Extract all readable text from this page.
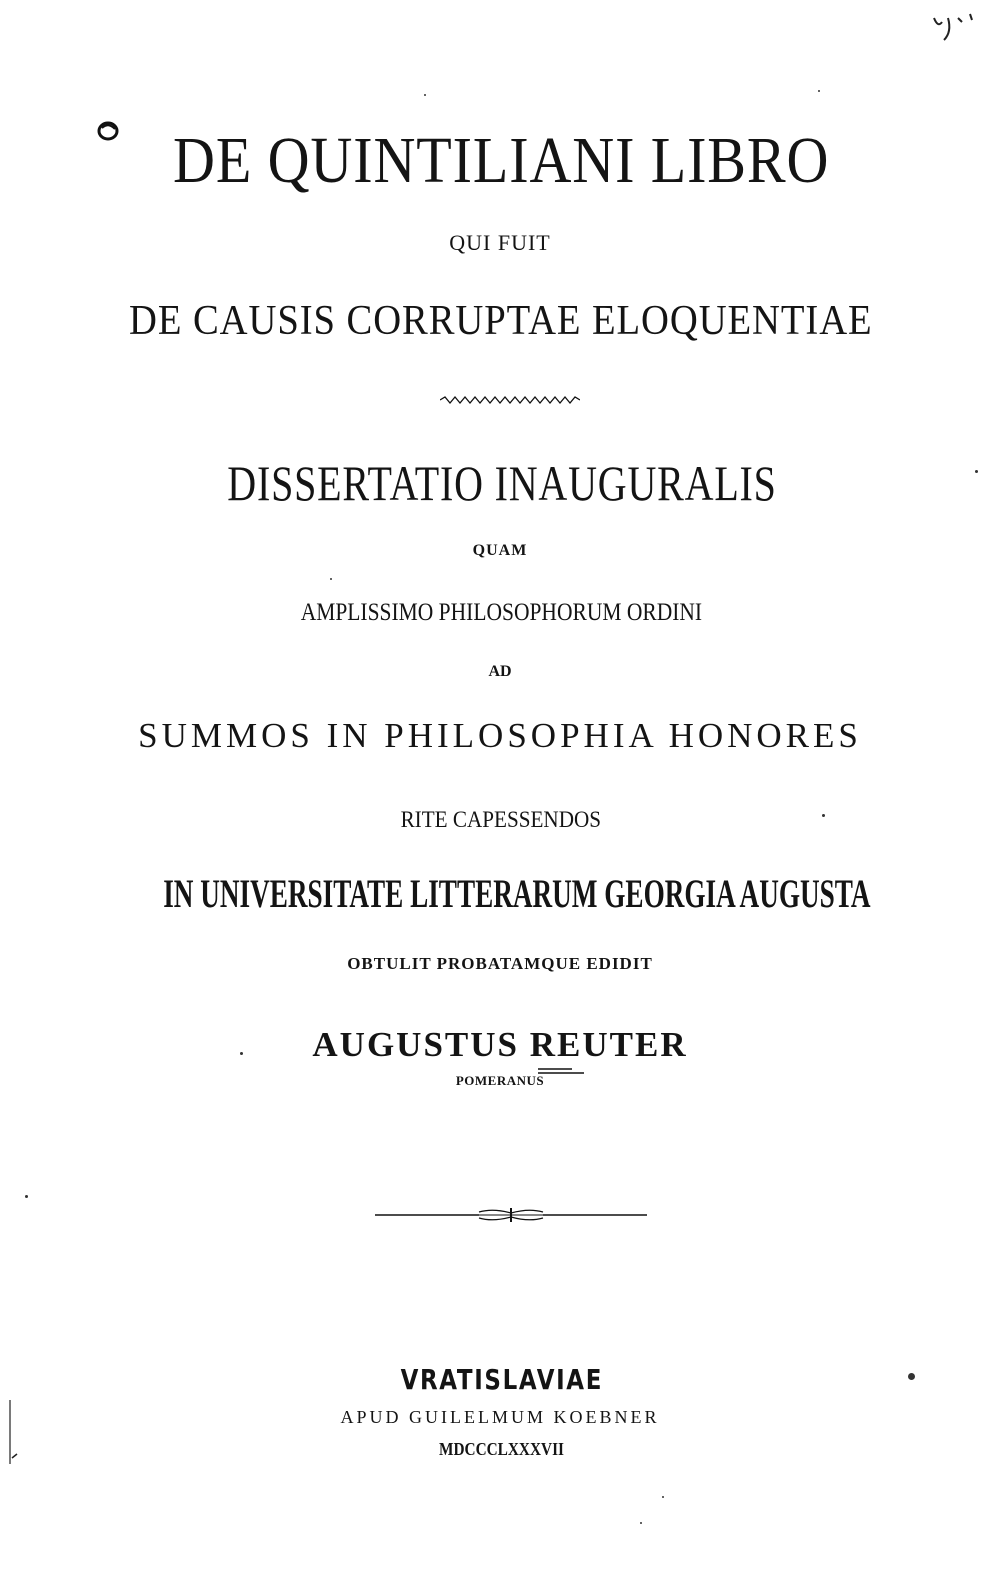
DE QUINTILIANI LIBRO
QUI FUIT
DE CAUSIS CORRUPTAE ELOQUENTIAE
DISSERTATIO INAUGURALIS
QUAM
AMPLISSIMO PHILOSOPHORUM ORDINI
AD
SUMMOS IN PHILOSOPHIA HONORES
RITE CAPESSENDOS
IN UNIVERSITATE LITTERARUM GEORGIA AUGUSTA
OBTULIT PROBATAMQUE EDIDIT
AUGUSTUS REUTER
POMERANUS
VRATISLAVIAE
APUD GUILELMUM KOEBNER
MDCCCLXXXVII
